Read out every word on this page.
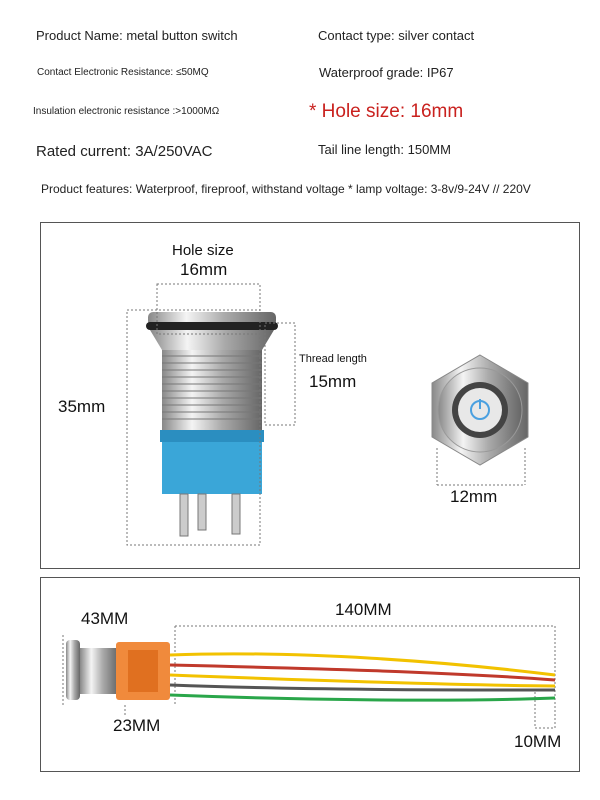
Product Name: metal button switch	Contact type: silver contact
Contact Electronic Resistance: ≤50MQ	Waterproof grade: IP67
Insulation electronic resistance :>1000MΩ	* Hole size: 16mm
Rated current: 3A/250VAC	Tail line length: 150MM
Product features: Waterproof, fireproof, withstand voltage * lamp voltage: 3-8v/9-24V // 220V
Hole size
16mm
35mm
Thread length
15mm
12mm
43MM	140MM
23MM
10MM
